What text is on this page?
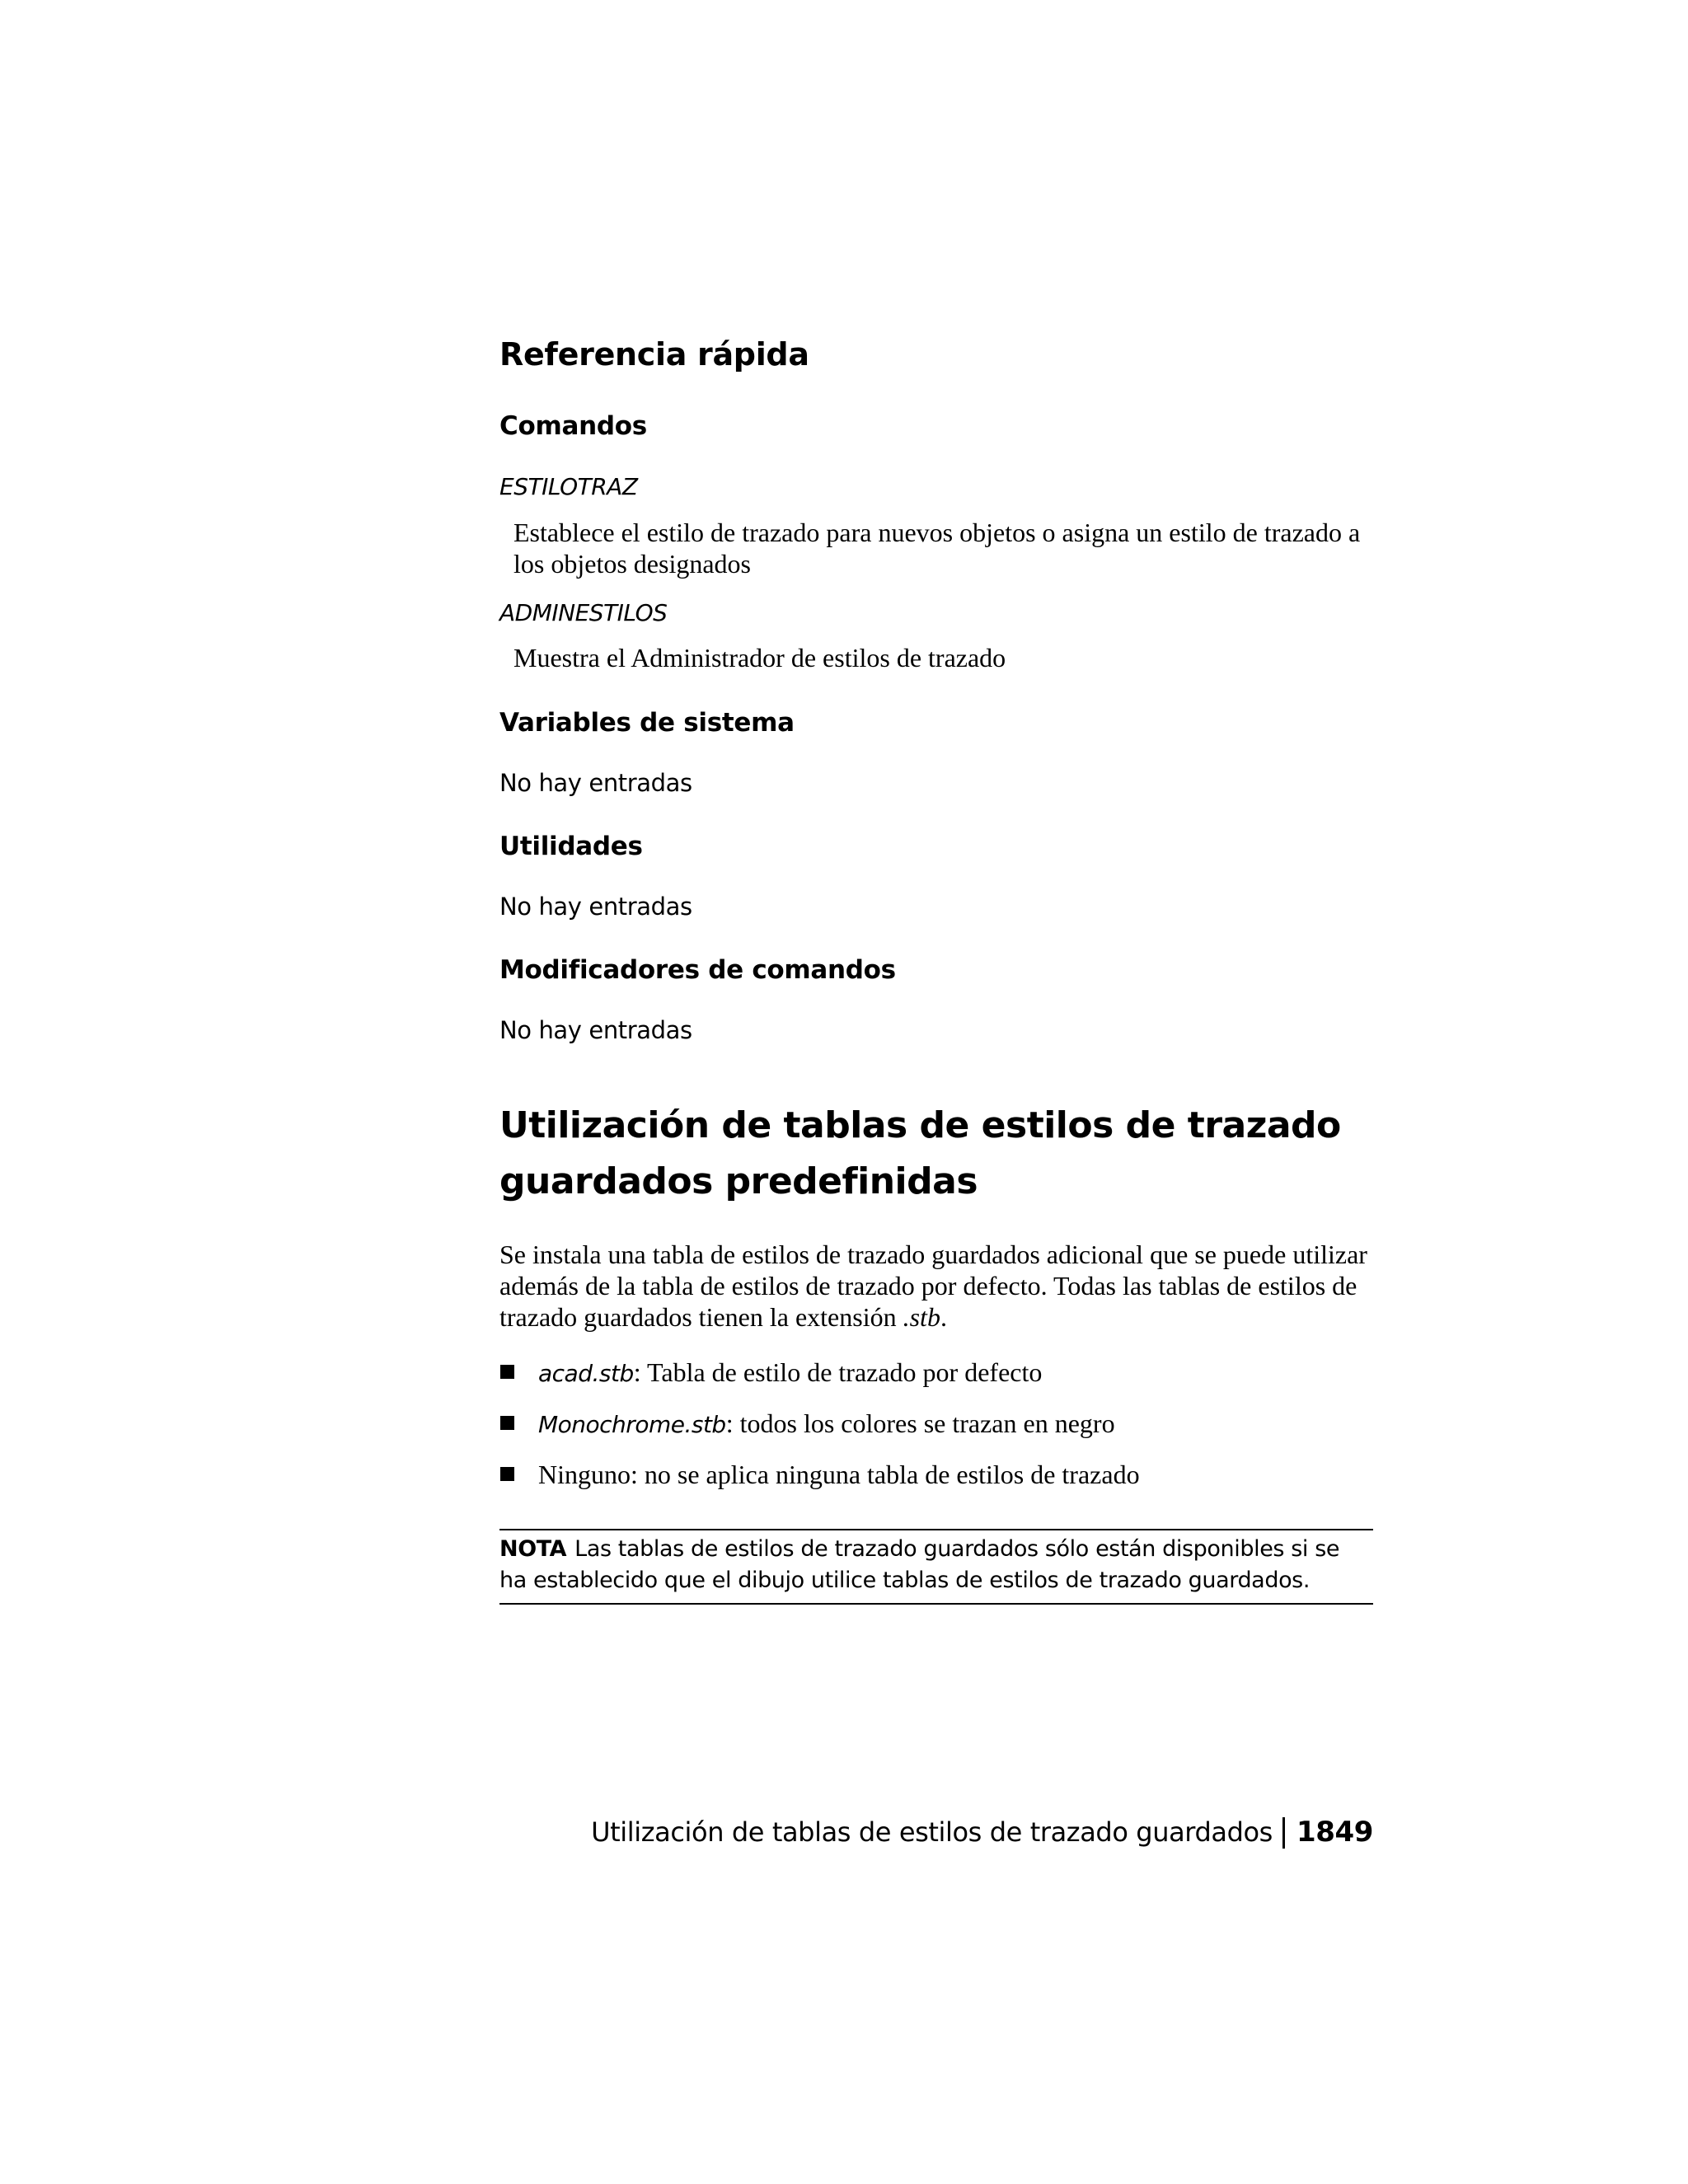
Referencia rápida
Comandos

ESTILOTRAZ

Establece el estilo de trazado para nuevos objetos o asigna un estilo de trazado a los objetos designados

ADMINESTILOS

Muestra el Administrador de estilos de trazado

Variables de sistema

No hay entradas

Utilidades

No hay entradas

Modificadores de comandos

No hay entradas

Utilización de tablas de estilos de trazado guardados predefinidas

Se instala una tabla de estilos de trazado guardados adicional que se puede utilizar además de la tabla de estilos de trazado por defecto. Todas las tablas de estilos de trazado guardados tienen la extensión .stb.

acad.stb: Tabla de estilo de trazado por defecto
Monochrome.stb: todos los colores se trazan en negro
Ninguno: no se aplica ninguna tabla de estilos de trazado

NOTA Las tablas de estilos de trazado guardados sólo están disponibles si se ha establecido que el dibujo utilice tablas de estilos de trazado guardados.

Utilización de tablas de estilos de trazado guardados 1849
